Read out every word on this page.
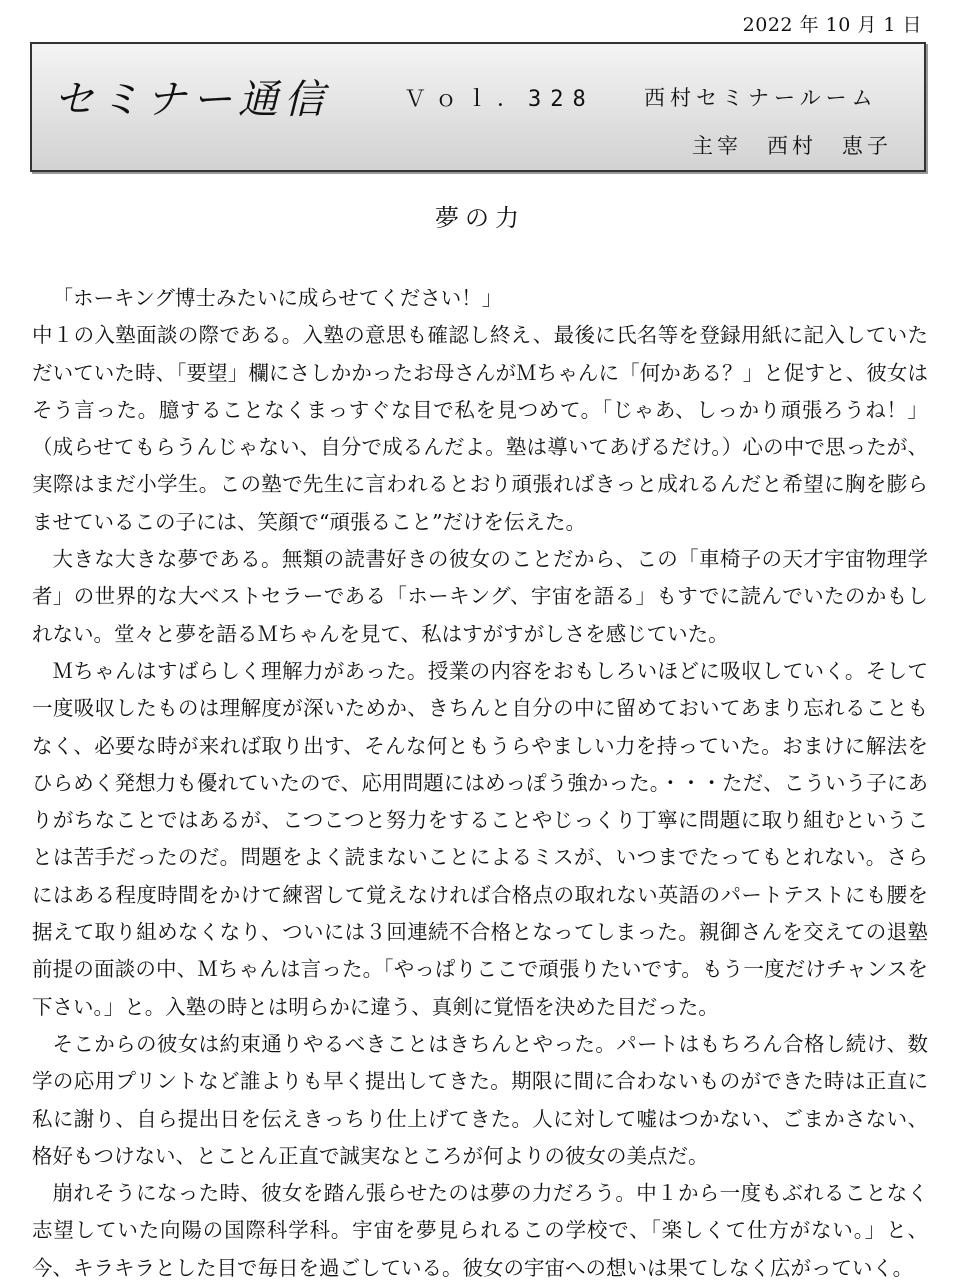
2022 年 10 月 1 日
セミナー通信	Ｖｏｌ．328 西村セミナールーム
主宰　西村　恵子
夢の力

「ホーキング博士みたいに成らせてください！」

中１の入塾面談の際である。入塾の意思も確認し終え、最後に氏名等を登録用紙に記入していただいていた時、「要望」欄にさしかかったお母さんがＭちゃんに「何かある？」と促すと、彼女はそう言った。臆することなくまっすぐな目で私を見つめて。「じゃあ、しっかり頑張ろうね！」（成らせてもらうんじゃない、自分で成るんだよ。塾は導いてあげるだけ。）心の中で思ったが、実際はまだ小学生。この塾で先生に言われるとおり頑張ればきっと成れるんだと希望に胸を膨らませているこの子には、笑顔で“頑張ること”だけを伝えた。

大きな大きな夢である。無類の読書好きの彼女のことだから、この「車椅子の天才宇宙物理学者」の世界的な大ベストセラーである「ホーキング、宇宙を語る」もすでに読んでいたのかもしれない。堂々と夢を語るＭちゃんを見て、私はすがすがしさを感じていた。

Ｍちゃんはすばらしく理解力があった。授業の内容をおもしろいほどに吸収していく。そして一度吸収したものは理解度が深いためか、きちんと自分の中に留めておいてあまり忘れることもなく、必要な時が来れば取り出す、そんな何ともうらやましい力を持っていた。おまけに解法をひらめく発想力も優れていたので、応用問題にはめっぽう強かった。・・・ただ、こういう子にありがちなことではあるが、こつこつと努力をすることやじっくり丁寧に問題に取り組むということは苦手だったのだ。問題をよく読まないことによるミスが、いつまでたってもとれない。さらにはある程度時間をかけて練習して覚えなければ合格点の取れない英語のパートテストにも腰を据えて取り組めなくなり、ついには３回連続不合格となってしまった。親御さんを交えての退塾前提の面談の中、Ｍちゃんは言った。「やっぱりここで頑張りたいです。もう一度だけチャンスを下さい。」と。入塾の時とは明らかに違う、真剣に覚悟を決めた目だった。

そこからの彼女は約束通りやるべきことはきちんとやった。パートはもちろん合格し続け、数学の応用プリントなど誰よりも早く提出してきた。期限に間に合わないものができた時は正直に私に謝り、自ら提出日を伝えきっちり仕上げてきた。人に対して嘘はつかない、ごまかさない、格好もつけない、とことん正直で誠実なところが何よりの彼女の美点だ。

崩れそうになった時、彼女を踏ん張らせたのは夢の力だろう。中１から一度もぶれることなく志望していた向陽の国際科学科。宇宙を夢見られるこの学校で、「楽しくて仕方がない。」と、今、キラキラとした目で毎日を過ごしている。彼女の宇宙への想いは果てしなく広がっていく。
